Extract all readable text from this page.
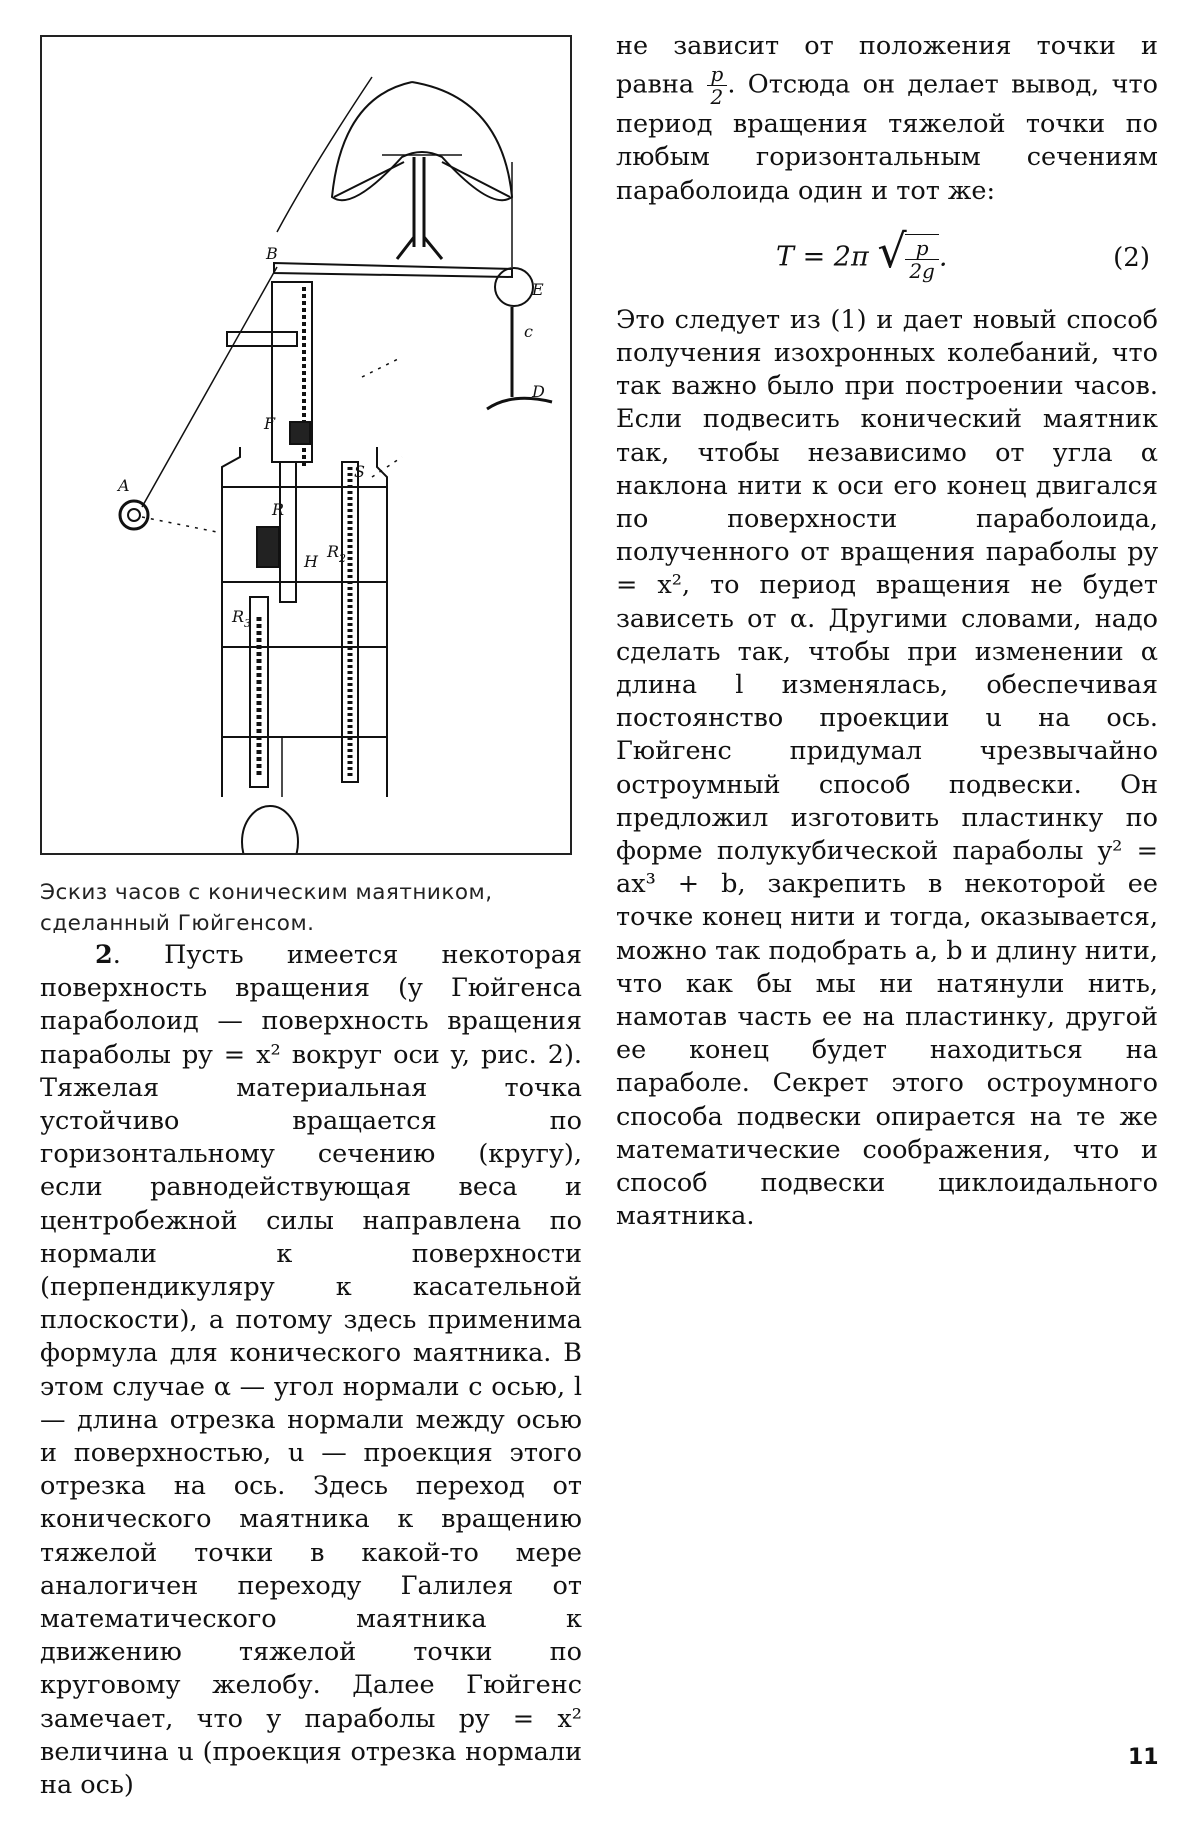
A
B
E
c
D
F
R
S
H
R 2
R 3
Эскиз часов с коническим маятником, сделанный Гюйгенсом.

2. Пусть имеется некоторая поверхность вращения (у Гюйгенса параболоид — поверхность вращения параболы py = x² вокруг оси y, рис. 2). Тяжелая материальная точка устойчиво вращается по горизонтальному сечению (кругу), если равнодействующая веса и центробежной силы направлена по нормали к поверхности (перпендикуляру к касательной плоскости), а потому здесь применима формула для конического маятника. В этом случае α — угол нормали с осью, l — длина отрезка нормали между осью и поверхностью, u — проекция этого отрезка на ось. Здесь переход от конического маятника к вращению тяжелой точки в какой-то мере аналогичен переходу Галилея от математического маятника к движению тяжелой точки по круговому желобу. Далее Гюйгенс замечает, что у параболы py = x² величина u (проекция отрезка нормали на ось)

не зависит от положения точки и равна $\frac{p}{2}$ . Отсюда он делает вывод, что период вращения тяжелой точки по любым горизонтальным сечениям параболоида один и тот же:

T = 2π √
$\frac{p}{2g}$ .	(2)

Это следует из (1) и дает новый способ получения изохронных колебаний, что так важно было при построении часов. Если подвесить конический маятник так, чтобы независимо от угла α наклона нити к оси его конец двигался по поверхности параболоида, полученного от вращения параболы py = x², то период вращения не будет зависеть от α. Другими словами, надо сделать так, чтобы при изменении α длина l изменялась, обеспечивая постоянство проекции u на ось. Гюйгенс придумал чрезвычайно остроумный способ подвески. Он предложил изготовить пластинку по форме полукубической параболы y² = ax³ + b, закрепить в некоторой ее точке конец нити и тогда, оказывается, можно так подобрать a, b и длину нити, что как бы мы ни натянули нить, намотав часть ее на пластинку, другой ее конец будет находиться на параболе. Секрет этого остроумного способа подвески опирается на те же математические соображения, что и способ подвески циклоидального маятника.

11
